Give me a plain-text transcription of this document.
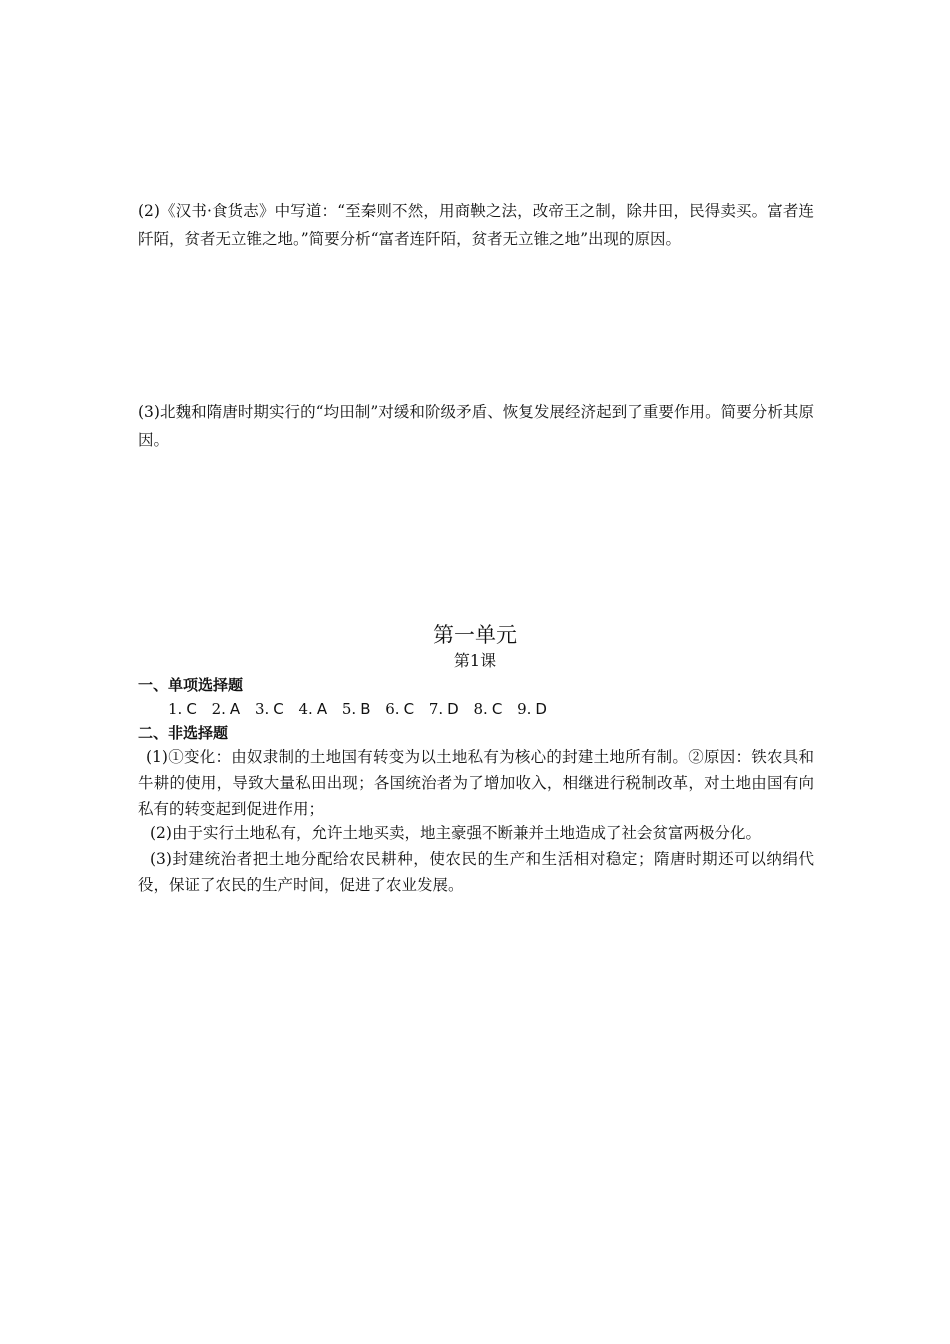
(2)《汉书·食货志》中写道：“至秦则不然，用商鞅之法，改帝王之制，除井田，民得卖买。富者连阡陌，贫者无立锥之地。”简要分析“富者连阡陌，贫者无立锥之地”出现的原因。

(3)北魏和隋唐时期实行的“均田制”对缓和阶级矛盾、恢复发展经济起到了重要作用。简要分析其原因。

第一单元
第1课
一、单项选择题
1. C 2. A 3. C 4. A 5. B 6. C 7. D 8. C 9. D
二、非选择题

(1)①变化：由奴隶制的土地国有转变为以土地私有为核心的封建土地所有制。②原因：铁农具和牛耕的使用，导致大量私田出现；各国统治者为了增加收入，相继进行税制改革，对土地由国有向私有的转变起到促进作用；

(2)由于实行土地私有，允许土地买卖，地主豪强不断兼并土地造成了社会贫富两极分化。

(3)封建统治者把土地分配给农民耕种，使农民的生产和生活相对稳定；隋唐时期还可以纳绢代役，保证了农民的生产时间，促进了农业发展。
